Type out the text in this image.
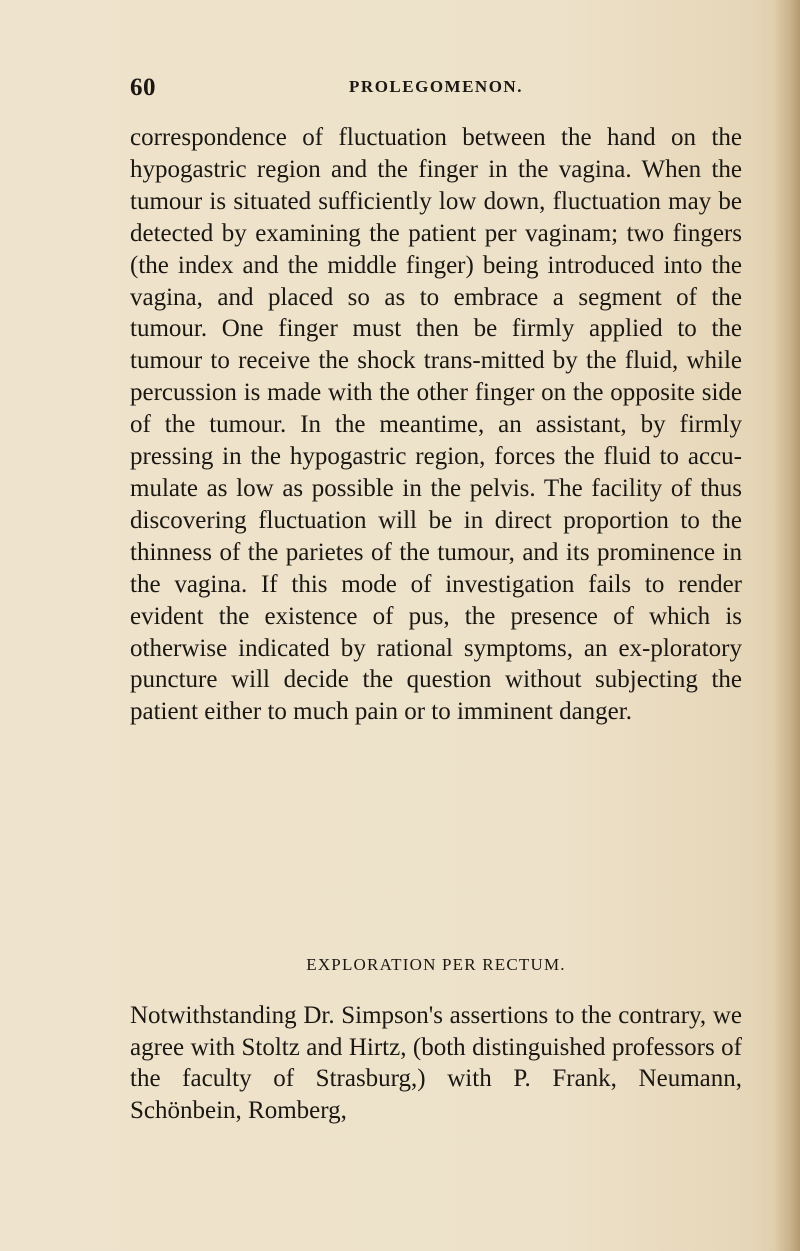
60	PROLEGOMENON.

correspondence of fluctuation between the hand on the hypogastric region and the finger in the vagina. When the tumour is situated sufficiently low down, fluctuation may be detected by examining the patient per vaginam; two fingers (the index and the middle finger) being introduced into the vagina, and placed so as to embrace a segment of the tumour. One finger must then be firmly applied to the tumour to receive the shock trans-mitted by the fluid, while percussion is made with the other finger on the opposite side of the tumour. In the meantime, an assistant, by firmly pressing in the hypogastric region, forces the fluid to accu-mulate as low as possible in the pelvis. The facility of thus discovering fluctuation will be in direct proportion to the thinness of the parietes of the tumour, and its prominence in the vagina. If this mode of investigation fails to render evident the existence of pus, the presence of which is otherwise indicated by rational symptoms, an ex-ploratory puncture will decide the question without subjecting the patient either to much pain or to imminent danger.

EXPLORATION PER RECTUM.

Notwithstanding Dr. Simpson's assertions to the contrary, we agree with Stoltz and Hirtz, (both distinguished professors of the faculty of Strasburg,) with P. Frank, Neumann, Schönbein, Romberg,
